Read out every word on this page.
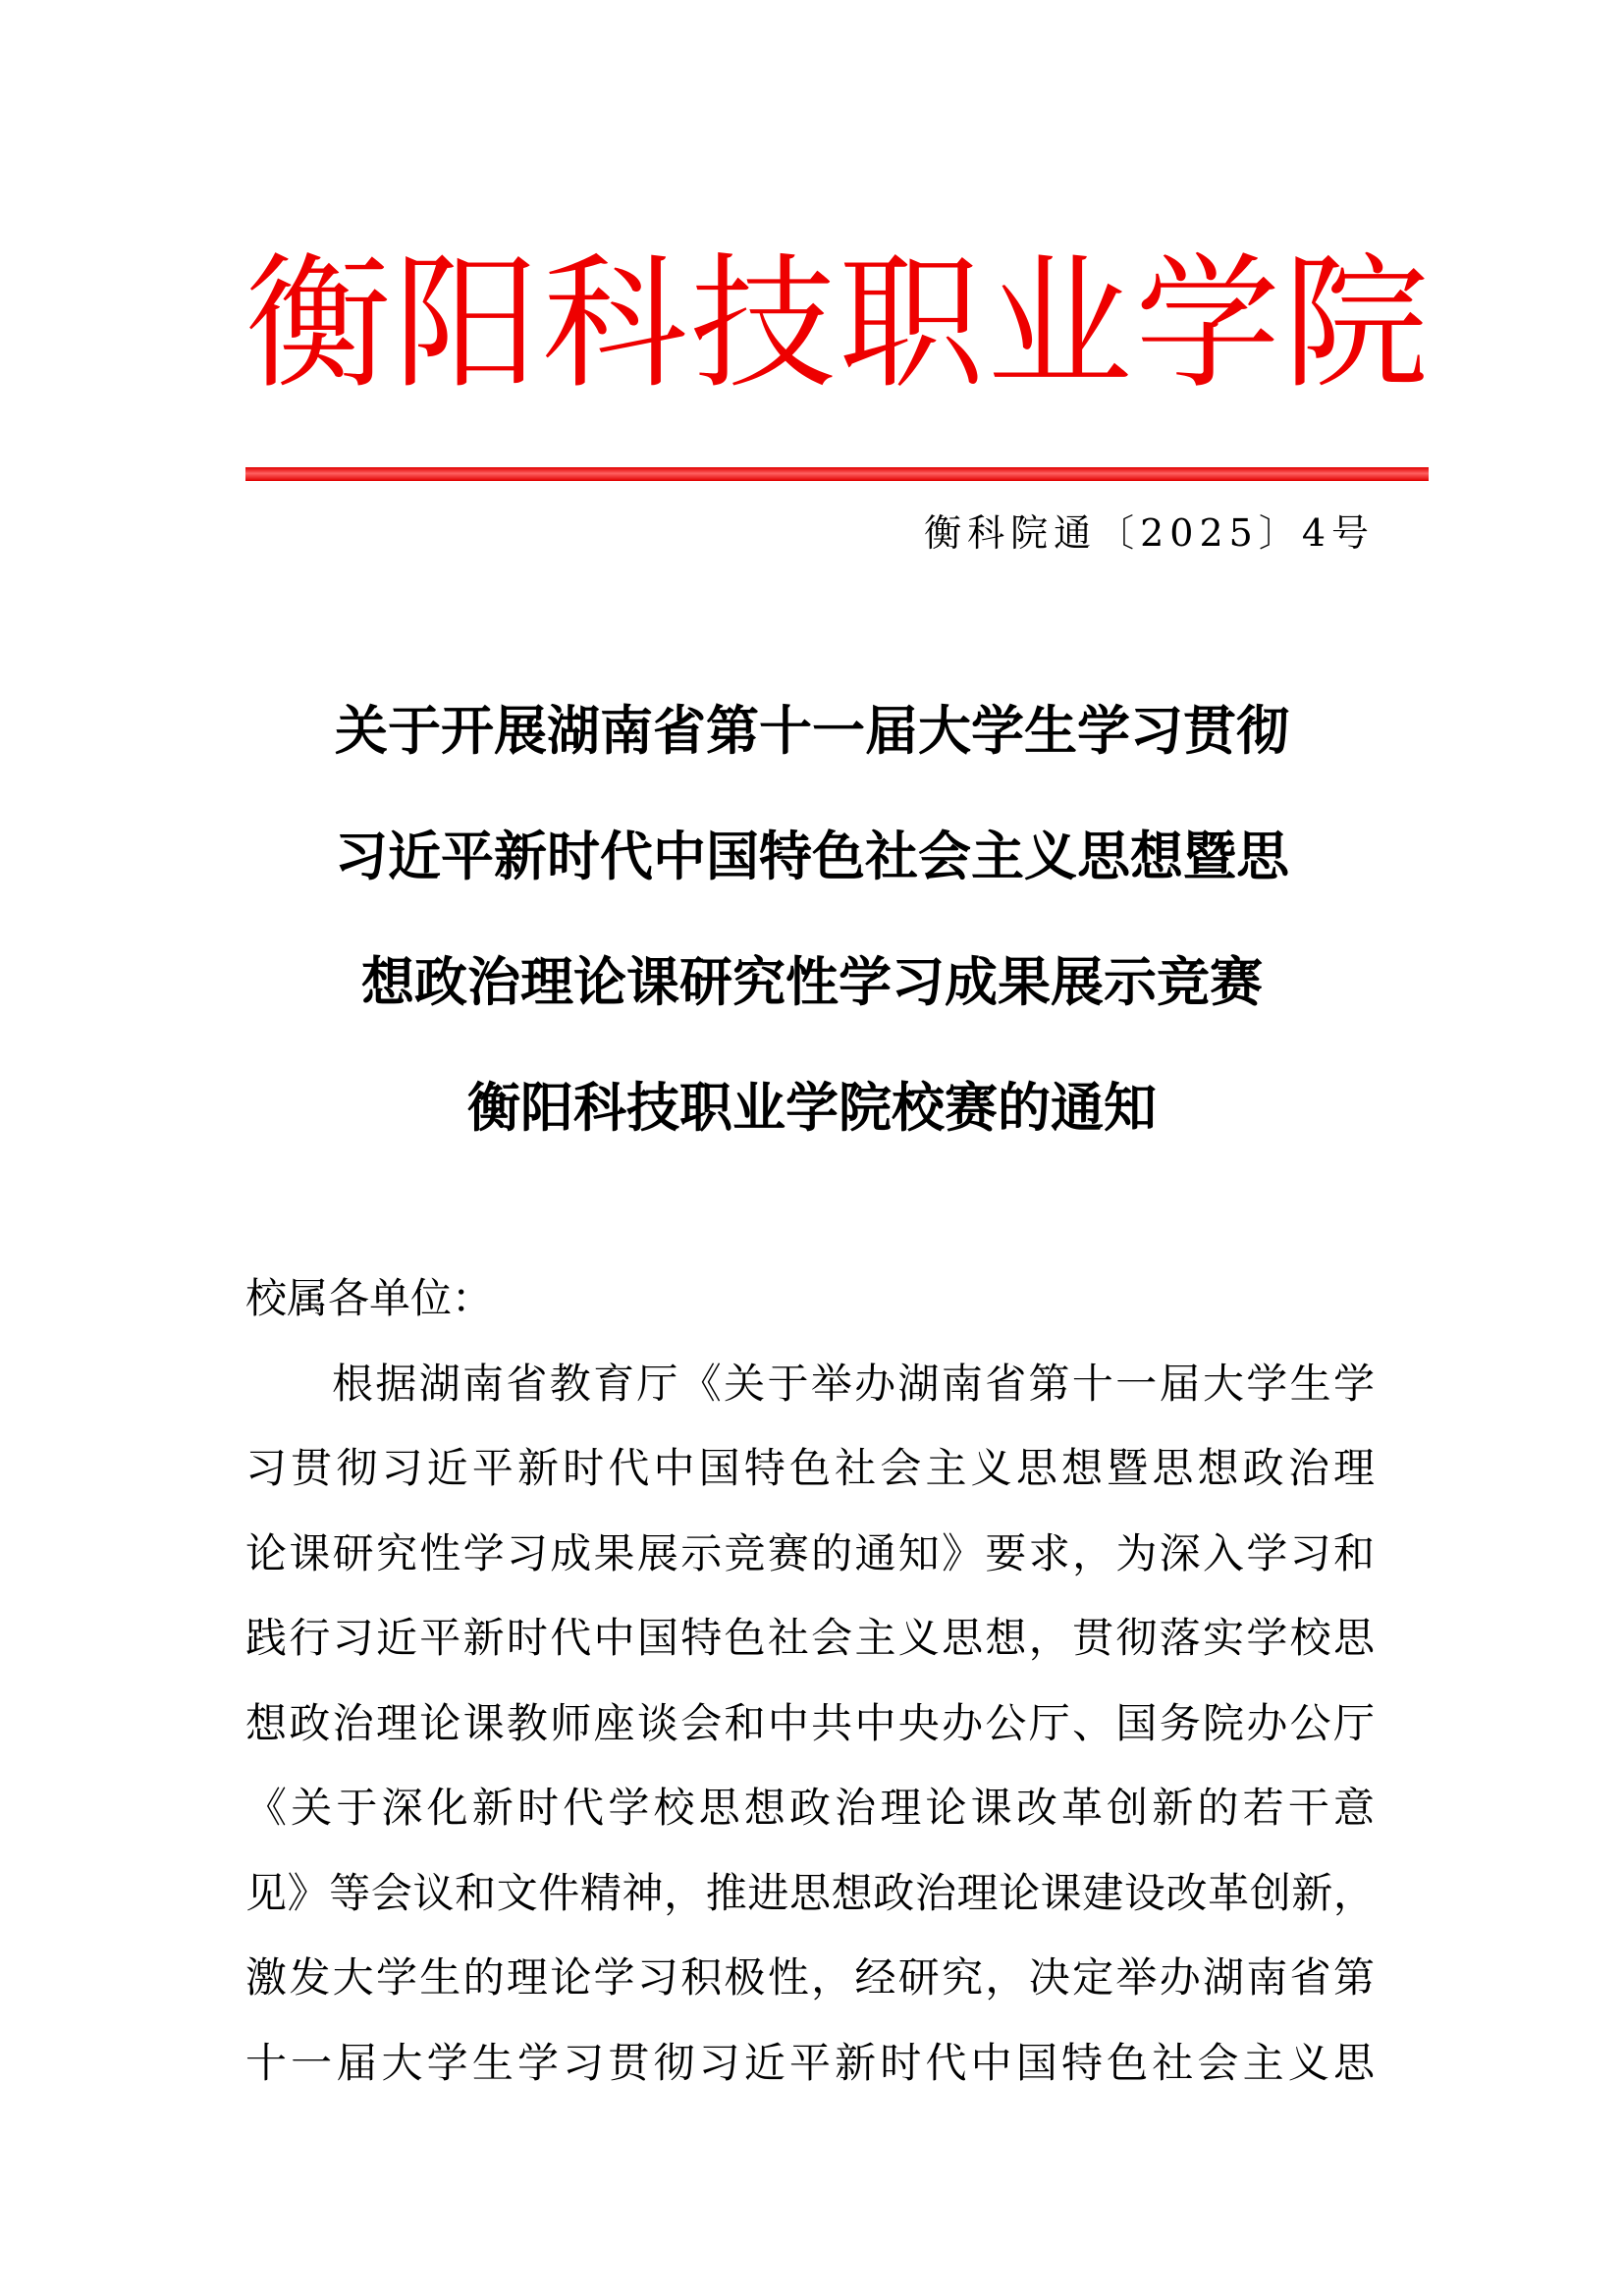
衡阳科技职业学院
衡科院通〔2025〕4号
关于开展湖南省第十一届大学生学习贯彻
习近平新时代中国特色社会主义思想暨思
想政治理论课研究性学习成果展示竞赛
衡阳科技职业学院校赛的通知
校属各单位：
根据湖南省教育厅《关于举办湖南省第十一届大学生学
习贯彻习近平新时代中国特色社会主义思想暨思想政治理
论课研究性学习成果展示竞赛的通知》要求，为深入学习和
践行习近平新时代中国特色社会主义思想，贯彻落实学校思
想政治理论课教师座谈会和中共中央办公厅、国务院办公厅
《关于深化新时代学校思想政治理论课改革创新的若干意
见》等会议和文件精神，推进思想政治理论课建设改革创新，
激发大学生的理论学习积极性，经研究，决定举办湖南省第
十一届大学生学习贯彻习近平新时代中国特色社会主义思
